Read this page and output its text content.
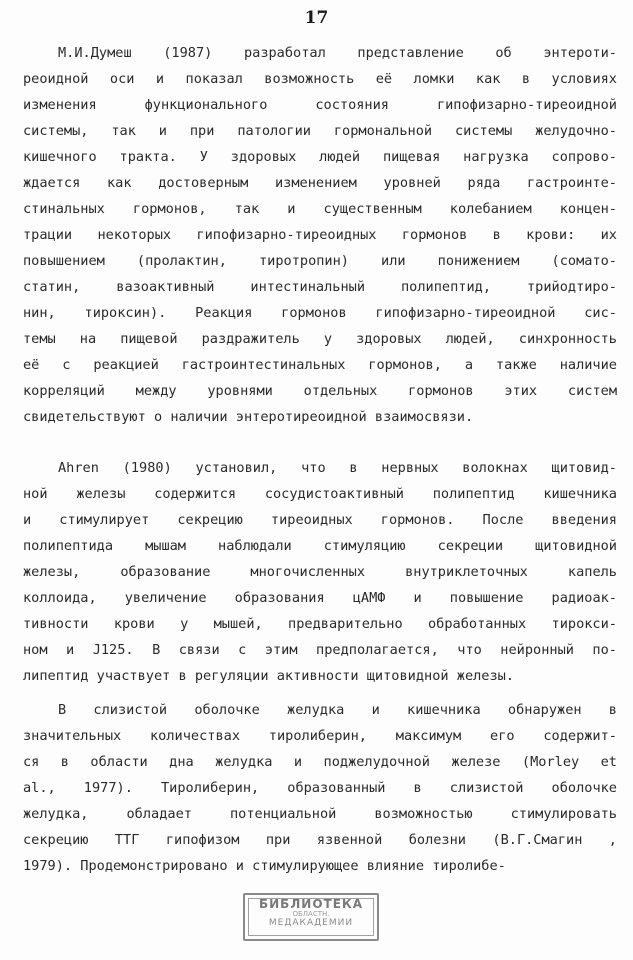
17
М.И.Думеш (1987) разработал представление об энтероти-
реоидной оси и показал возможность её ломки как в условиях
изменения функционального состояния гипофизарно-тиреоидной
системы, так и при патологии гормональной системы желудочно-
кишечного тракта. У здоровых людей пищевая нагрузка сопрово-
ждается как достоверным изменением уровней ряда гастроинте-
стинальных гормонов, так и существенным колебанием концен-
трации некоторых гипофизарно-тиреоидных гормонов в крови: их
повышением (пролактин, тиротропин) или понижением (сомато-
статин, вазоактивный интестинальный полипептид, трийодтиро-
нин, тироксин). Реакция гормонов гипофизарно-тиреоидной сис-
темы на пищевой раздражитель у здоровых людей, синхронность
её с реакцией гастроинтестинальных гормонов, а также наличие
корреляций между уровнями отдельных гормонов этих систем
свидетельствуют о наличии энтеротиреоидной взаимосвязи.
Ahren (1980) установил, что в нервных волокнах щитовид-
ной железы содержится сосудистоактивный полипептид кишечника
и стимулирует секрецию тиреоидных гормонов. После введения
полипептида мышам наблюдали стимуляцию секреции щитовидной
железы, образование многочисленных внутриклеточных капель
коллоида, увеличение образования цАМФ и повышение радиоак-
тивности крови у мышей, предварительно обработанных тирокси-
ном и J125. В связи с этим предполагается, что нейронный по-
липептид участвует в регуляции активности щитовидной железы.
В слизистой оболочке желудка и кишечника обнаружен в
значительных количествах тиролиберин, максимум его содержит-
ся в области дна желудка и поджелудочной железе (Morley et
al., 1977). Тиролиберин, образованный в слизистой оболочке
желудка, обладает потенциальной возможностью стимулировать
секрецию ТТГ гипофизом при язвенной болезни (В.Г.Смагин ,
1979). Продемонстрировано и стимулирующее влияние тиролибе-
БИБЛИОТЕКА
ОБЛАСТН.
МЕДАКАДЕМИИ
